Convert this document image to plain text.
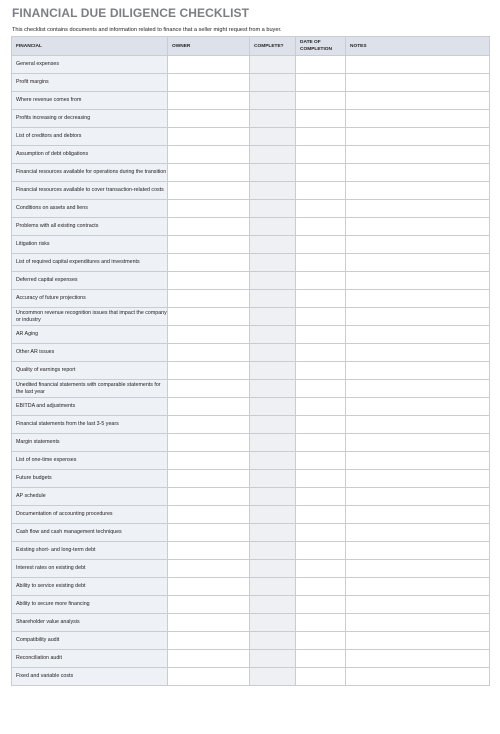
FINANCIAL DUE DILIGENCE CHECKLIST
This checklist contains documents and information related to finance that a seller might request from a buyer.
FINANCIAL	OWNER	COMPLETE?	DATE OF COMPLETION	NOTES
General expenses				
Profit margins				
Where revenue comes from				
Profits increasing or decreasing				
List of creditors and debtors				
Assumption of debt obligations				
Financial resources available for operations during the transition				
Financial resources available to cover transaction-related costs				
Conditions on assets and liens				
Problems with all existing contracts				
Litigation risks				
List of required capital expenditures and investments				
Deferred capital expenses				
Accuracy of future projections				
Uncommon revenue recognition issues that impact the company or industry				
AR Aging				
Other AR issues				
Quality of earnings report				
Unedited financial statements with comparable statements for the last year				
EBITDA and adjustments				
Financial statements from the last 3-5 years				
Margin statements				
List of one-time expenses				
Future budgets				
AP schedule				
Documentation of accounting procedures				
Cash flow and cash management techniques				
Existing short- and long-term debt				
Interest rates on existing debt				
Ability to service existing debt				
Ability to secure more financing				
Shareholder value analysis				
Compatibility audit				
Reconciliation audit				
Fixed and variable costs				
